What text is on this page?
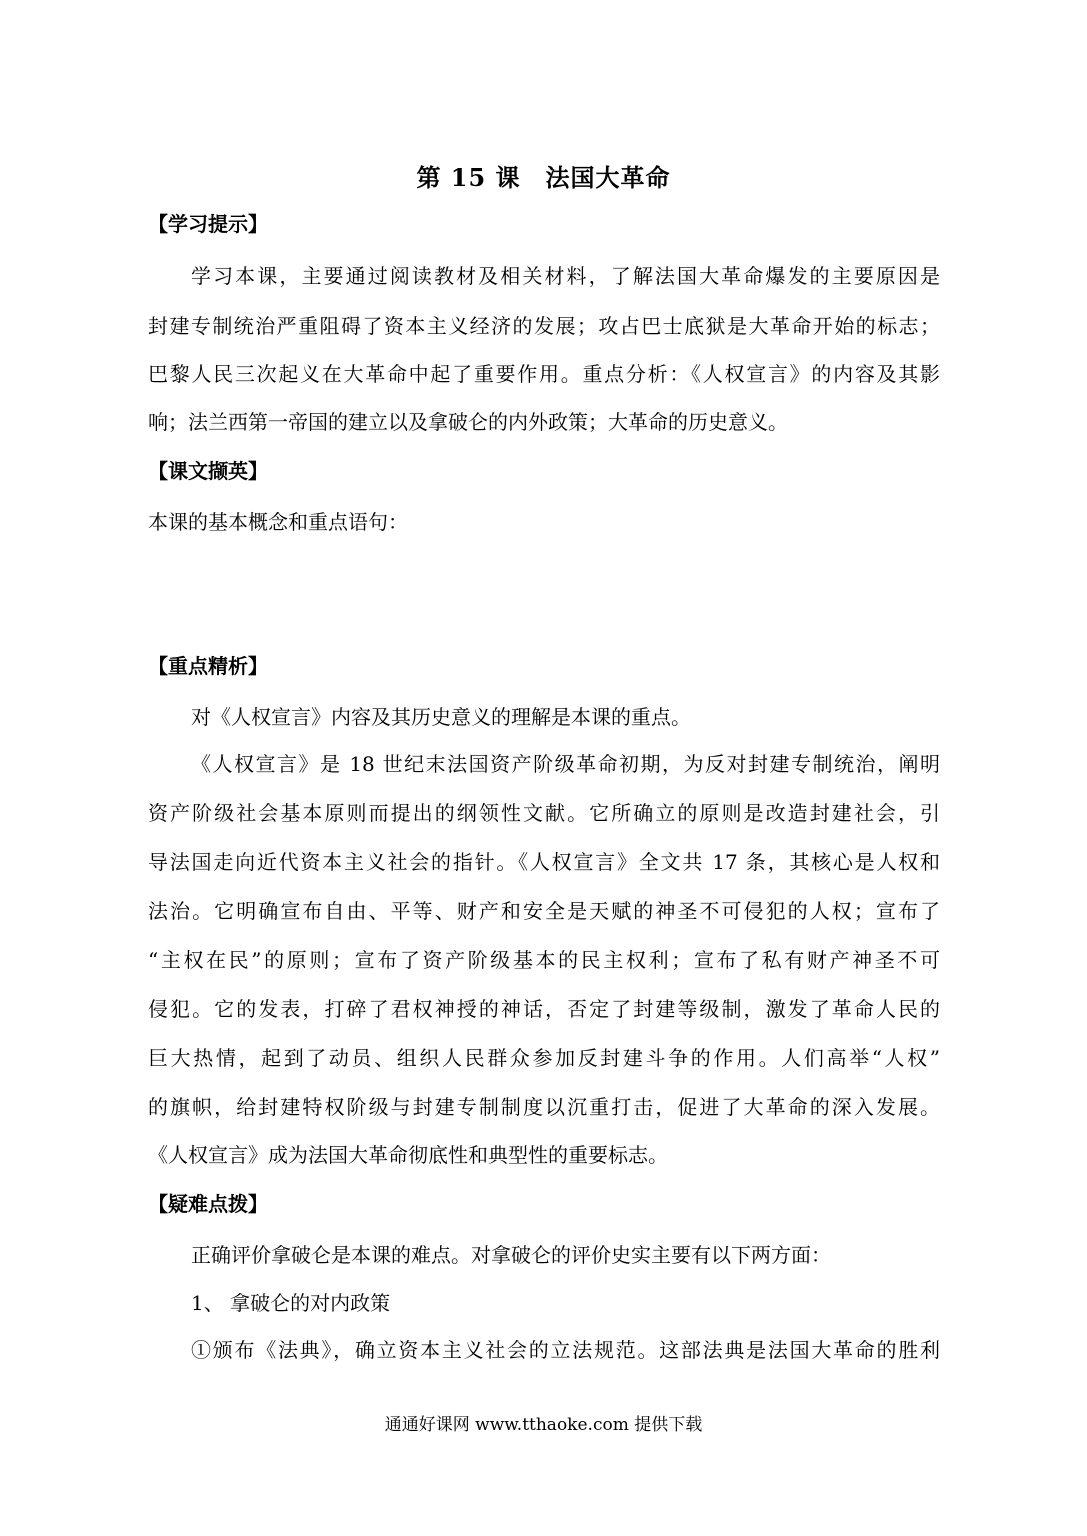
第 15 课　法国大革命
【学习提示】
学习本课，主要通过阅读教材及相关材料，了解法国大革命爆发的主要原因是
封建专制统治严重阻碍了资本主义经济的发展；攻占巴士底狱是大革命开始的标志；
巴黎人民三次起义在大革命中起了重要作用。重点分析：《人权宣言》的内容及其影
响；法兰西第一帝国的建立以及拿破仑的内外政策；大革命的历史意义。
【课文撷英】
本课的基本概念和重点语句：
【重点精析】
对《人权宣言》内容及其历史意义的理解是本课的重点。
《人权宣言》是 18 世纪末法国资产阶级革命初期，为反对封建专制统治，阐明
资产阶级社会基本原则而提出的纲领性文献。它所确立的原则是改造封建社会，引
导法国走向近代资本主义社会的指针。《人权宣言》全文共 17 条，其核心是人权和
法治。它明确宣布自由、平等、财产和安全是天赋的神圣不可侵犯的人权；宣布了
“主权在民”的原则；宣布了资产阶级基本的民主权利；宣布了私有财产神圣不可
侵犯。它的发表，打碎了君权神授的神话，否定了封建等级制，激发了革命人民的
巨大热情，起到了动员、组织人民群众参加反封建斗争的作用。人们高举“人权”
的旗帜，给封建特权阶级与封建专制制度以沉重打击，促进了大革命的深入发展。
《人权宣言》成为法国大革命彻底性和典型性的重要标志。
【疑难点拨】
正确评价拿破仑是本课的难点。对拿破仑的评价史实主要有以下两方面：
1、 拿破仑的对内政策
①颁布《法典》，确立资本主义社会的立法规范。这部法典是法国大革命的胜利
通通好课网 www.tthaoke.com 提供下载
